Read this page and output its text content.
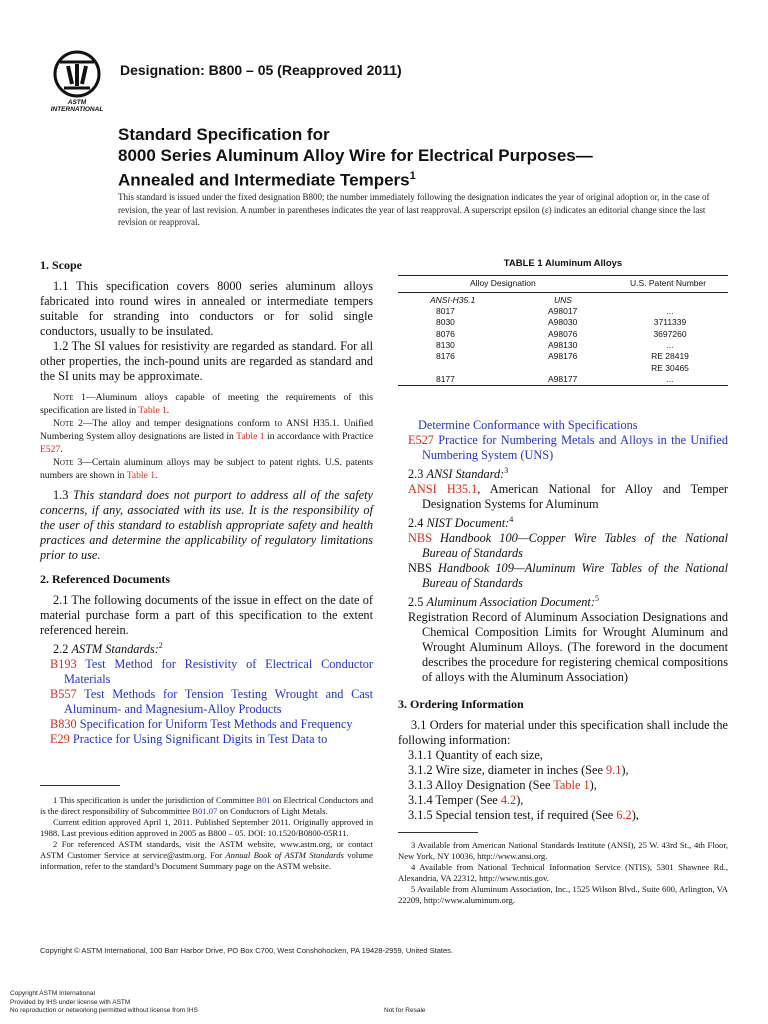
ASTM INTERNATIONAL
Designation: B800 – 05 (Reapproved 2011)
Standard Specification for
8000 Series Aluminum Alloy Wire for Electrical Purposes—
Annealed and Intermediate Tempers$^1$
This standard is issued under the fixed designation B800; the number immediately following the designation indicates the year of original adoption or, in the case of revision, the year of last revision. A number in parentheses indicates the year of last reapproval. A superscript epsilon (ε) indicates an editorial change since the last revision or reapproval.
1. Scope
1.1 This specification covers 8000 series aluminum alloys fabricated into round wires in annealed or intermediate tempers suitable for stranding into conductors or for solid single conductors, usually to be insulated.
1.2 The SI values for resistivity are regarded as standard. For all other properties, the inch-pound units are regarded as standard and the SI units may be approximate.
Note 1—Aluminum alloys capable of meeting the requirements of this specification are listed in Table 1.
Note 2—The alloy and temper designations conform to ANSI H35.1. Unified Numbering System alloy designations are listed in Table 1 in accordance with Practice E527.
Note 3—Certain aluminum alloys may be subject to patent rights. U.S. patents numbers are shown in Table 1.
1.3 This standard does not purport to address all of the safety concerns, if any, associated with its use. It is the responsibility of the user of this standard to establish appropriate safety and health practices and determine the applicability of regulatory limitations prior to use.
2. Referenced Documents
2.1 The following documents of the issue in effect on the date of material purchase form a part of this specification to the extent referenced herein.
2.2 ASTM Standards:$^2$
B193 Test Method for Resistivity of Electrical Conductor Materials
B557 Test Methods for Tension Testing Wrought and Cast Aluminum- and Magnesium-Alloy Products
B830 Specification for Uniform Test Methods and Frequency
E29 Practice for Using Significant Digits in Test Data to
1 This specification is under the jurisdiction of Committee B01 on Electrical Conductors and is the direct responsibility of Subcommittee B01.07 on Conductors of Light Metals.
Current edition approved April 1, 2011. Published September 2011. Originally approved in 1988. Last previous edition approved in 2005 as B800 – 05. DOI: 10.1520/B0800-05R11.
2 For referenced ASTM standards, visit the ASTM website, www.astm.org, or contact ASTM Customer Service at service@astm.org. For Annual Book of ASTM Standards volume information, refer to the standard’s Document Summary page on the ASTM website.
TABLE 1 Aluminum Alloys
Alloy Designation	U.S. Patent Number
ANSI-H35.1	UNS
8017	A98017	...
8030	A98030	3711339
8076	A98076	3697260
8130	A98130	...
8176	A98176	RE 28419
RE 30465
8177	A98177	...
Determine Conformance with Specifications
E527 Practice for Numbering Metals and Alloys in the Unified Numbering System (UNS)
2.3 ANSI Standard:$^3$
ANSI H35.1, American National for Alloy and Temper Designation Systems for Aluminum
2.4 NIST Document:$^4$
NBS Handbook 100—Copper Wire Tables of the National Bureau of Standards
NBS Handbook 109—Aluminum Wire Tables of the National Bureau of Standards
2.5 Aluminum Association Document:$^5$
Registration Record of Aluminum Association Designations and Chemical Composition Limits for Wrought Aluminum and Wrought Aluminum Alloys. (The foreword in the document describes the procedure for registering chemical compositions of alloys with the Aluminum Association)
3. Ordering Information
3.1 Orders for material under this specification shall include the following information:
3.1.1 Quantity of each size,
3.1.2 Wire size, diameter in inches (See 9.1),
3.1.3 Alloy Designation (See Table 1),
3.1.4 Temper (See 4.2),
3.1.5 Special tension test, if required (See 6.2),
3 Available from American National Standards Institute (ANSI), 25 W. 43rd St., 4th Floor, New York, NY 10036, http://www.ansi.org.
4 Available from National Technical Information Service (NTIS), 5301 Shawnee Rd., Alexandria, VA 22312, http://www.ntis.gov.
5 Available from Aluminum Association, Inc., 1525 Wilson Blvd., Suite 600, Arlington, VA 22209, http://www.aluminum.org.
Copyright © ASTM International, 100 Barr Harbor Drive, PO Box C700, West Conshohocken, PA 19428-2959, United States.
Copyright ASTM International
Provided by IHS under license with ASTM
No reproduction or networking permitted without license from IHS	Not for Resale
